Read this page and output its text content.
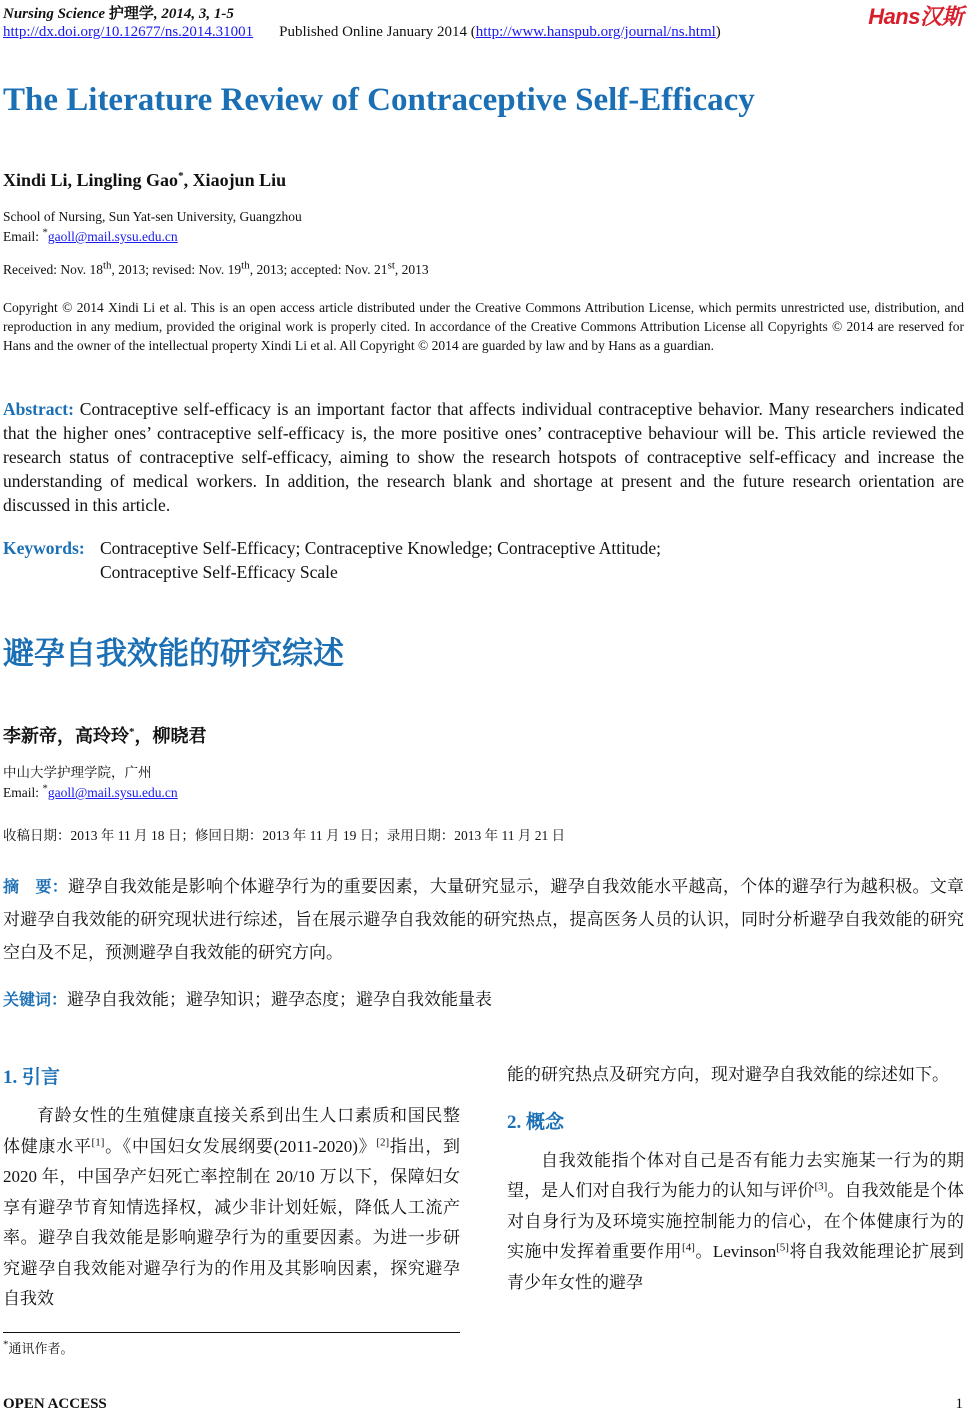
Nursing Science 护理学, 2014, 3, 1-5
http://dx.doi.org/10.12677/ns.2014.31001 Published Online January 2014 (http://www.hanspub.org/journal/ns.html)
Hans汉斯
The Literature Review of Contraceptive Self-Efficacy
Xindi Li, Lingling Gao*, Xiaojun Liu
School of Nursing, Sun Yat-sen University, Guangzhou
Email: *gaoll@mail.sysu.edu.cn
Received: Nov. 18th, 2013; revised: Nov. 19th, 2013; accepted: Nov. 21st, 2013
Copyright © 2014 Xindi Li et al. This is an open access article distributed under the Creative Commons Attribution License, which permits unrestricted use, distribution, and reproduction in any medium, provided the original work is properly cited. In accordance of the Creative Commons Attribution License all Copyrights © 2014 are reserved for Hans and the owner of the intellectual property Xindi Li et al. All Copyright © 2014 are guarded by law and by Hans as a guardian.
Abstract: Contraceptive self-efficacy is an important factor that affects individual contraceptive behavior. Many researchers indicated that the higher ones’ contraceptive self-efficacy is, the more positive ones’ contraceptive behaviour will be. This article reviewed the research status of contraceptive self-efficacy, aiming to show the research hotspots of contraceptive self-efficacy and increase the understanding of medical workers. In addition, the research blank and shortage at present and the future research orientation are discussed in this article.
Keywords: Contraceptive Self-Efficacy; Contraceptive Knowledge; Contraceptive Attitude;
Contraceptive Self-Efficacy Scale
避孕自我效能的研究综述
李新帝，高玲玲*，柳晓君
中山大学护理学院，广州
Email: *gaoll@mail.sysu.edu.cn
收稿日期：2013 年 11 月 18 日；修回日期：2013 年 11 月 19 日；录用日期：2013 年 11 月 21 日
摘　要：避孕自我效能是影响个体避孕行为的重要因素，大量研究显示，避孕自我效能水平越高，个体的避孕行为越积极。文章对避孕自我效能的研究现状进行综述，旨在展示避孕自我效能的研究热点，提高医务人员的认识，同时分析避孕自我效能的研究空白及不足，预测避孕自我效能的研究方向。
关键词：避孕自我效能；避孕知识；避孕态度；避孕自我效能量表
1. 引言

育龄女性的生殖健康直接关系到出生人口素质和国民整体健康水平[1]。《中国妇女发展纲要(2011-2020)》[2]指出，到 2020 年，中国孕产妇死亡率控制在 20/10 万以下，保障妇女享有避孕节育知情选择权，减少非计划妊娠，降低人工流产率。避孕自我效能是影响避孕行为的重要因素。为进一步研究避孕自我效能对避孕行为的作用及其影响因素，探究避孕自我效

*通讯作者。

能的研究热点及研究方向，现对避孕自我效能的综述如下。

2. 概念

自我效能指个体对自己是否有能力去实施某一行为的期望，是人们对自我行为能力的认知与评价[3]。自我效能是个体对自身行为及环境实施控制能力的信心，在个体健康行为的实施中发挥着重要作用[4]。Levinson[5]将自我效能理论扩展到青少年女性的避孕

OPEN ACCESS	1
